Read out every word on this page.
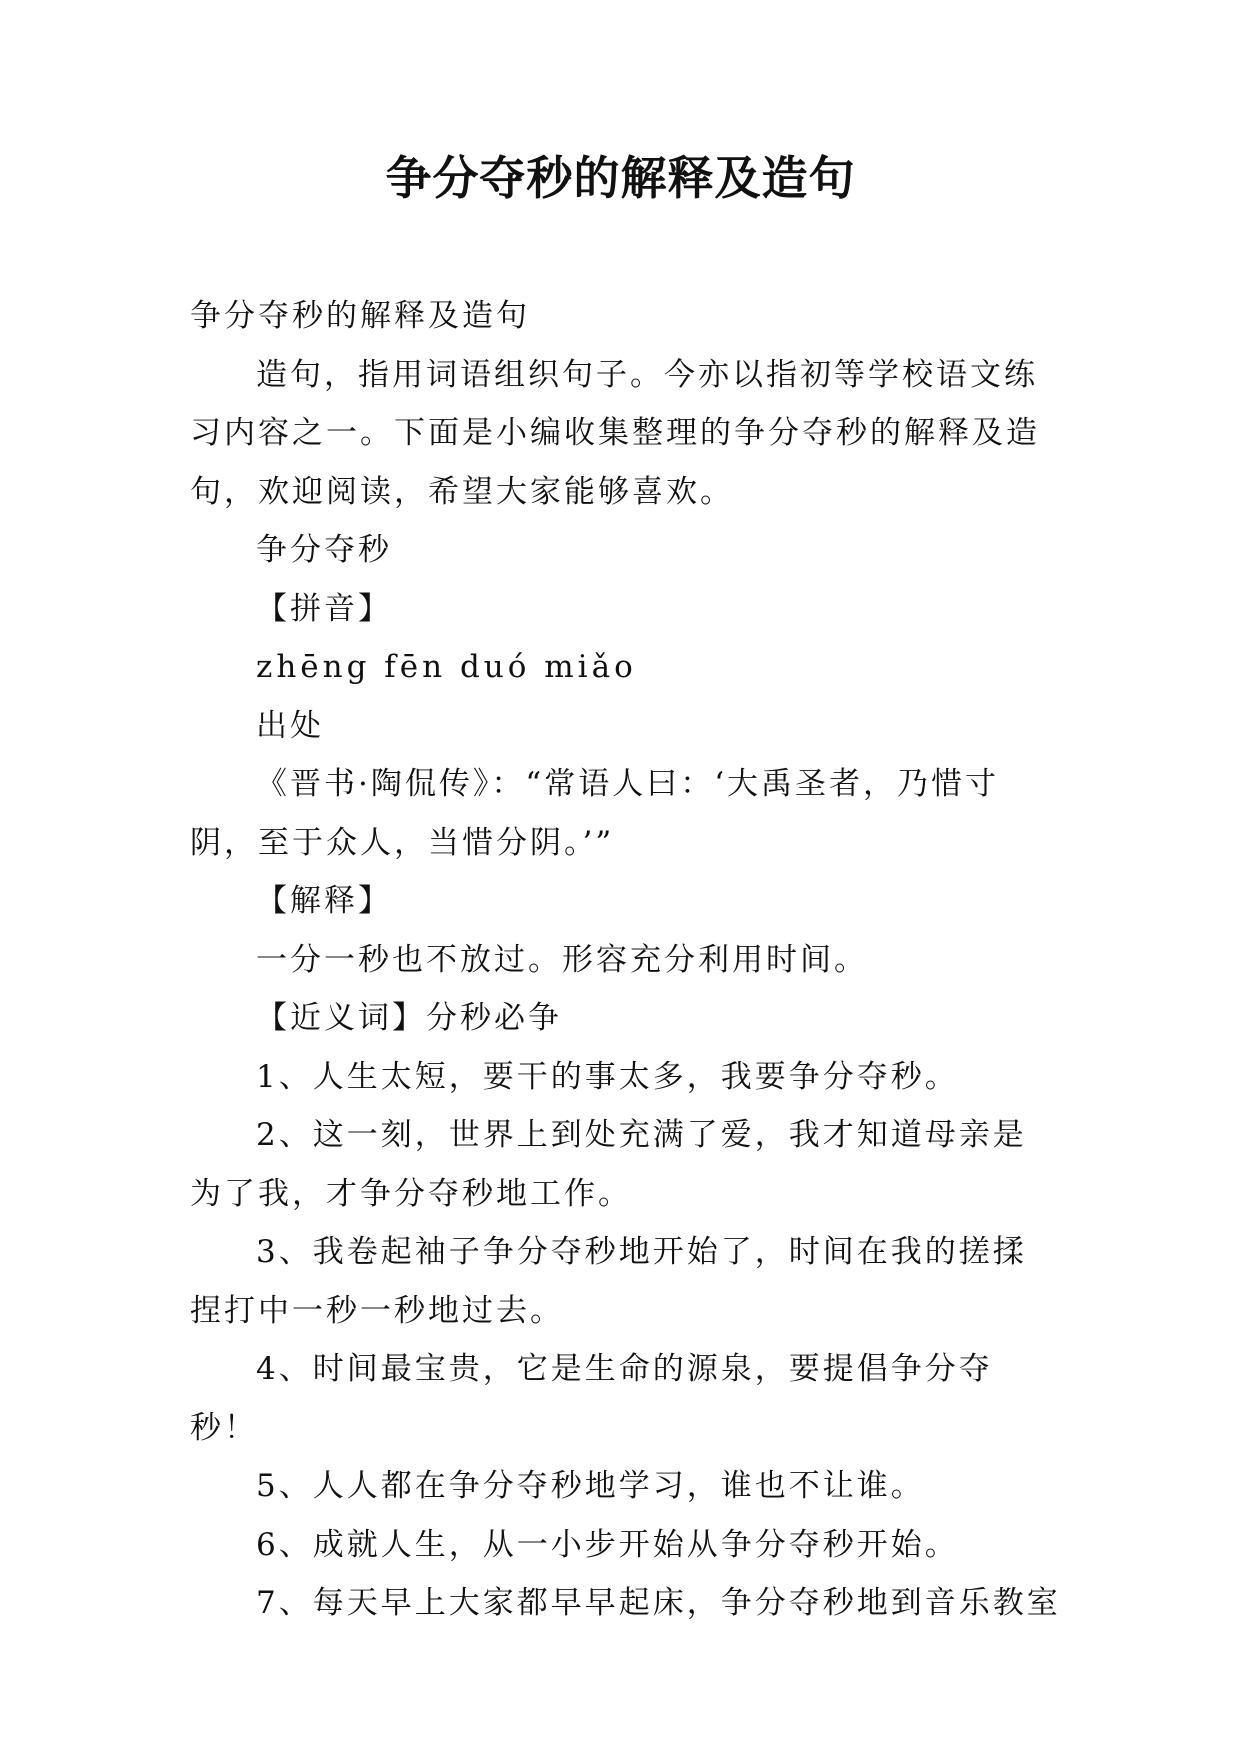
争分夺秒的解释及造句

争分夺秒的解释及造句

造句，指用词语组织句子。今亦以指初等学校语文练习内容之一。下面是小编收集整理的争分夺秒的解释及造句，欢迎阅读，希望大家能够喜欢。

争分夺秒

【拼音】

zhēng fēn duó miǎo

出处

《晋书·陶侃传》：“常语人曰：‘大禹圣者，乃惜寸阴，至于众人，当惜分阴。’”

【解释】

一分一秒也不放过。形容充分利用时间。

【近义词】分秒必争

1、人生太短，要干的事太多，我要争分夺秒。

2、这一刻，世界上到处充满了爱，我才知道母亲是为了我，才争分夺秒地工作。

3、我卷起袖子争分夺秒地开始了，时间在我的搓揉捏打中一秒一秒地过去。

4、时间最宝贵，它是生命的源泉，要提倡争分夺秒！

5、人人都在争分夺秒地学习，谁也不让谁。

6、成就人生，从一小步开始从争分夺秒开始。

7、每天早上大家都早早起床，争分夺秒地到音乐教室
